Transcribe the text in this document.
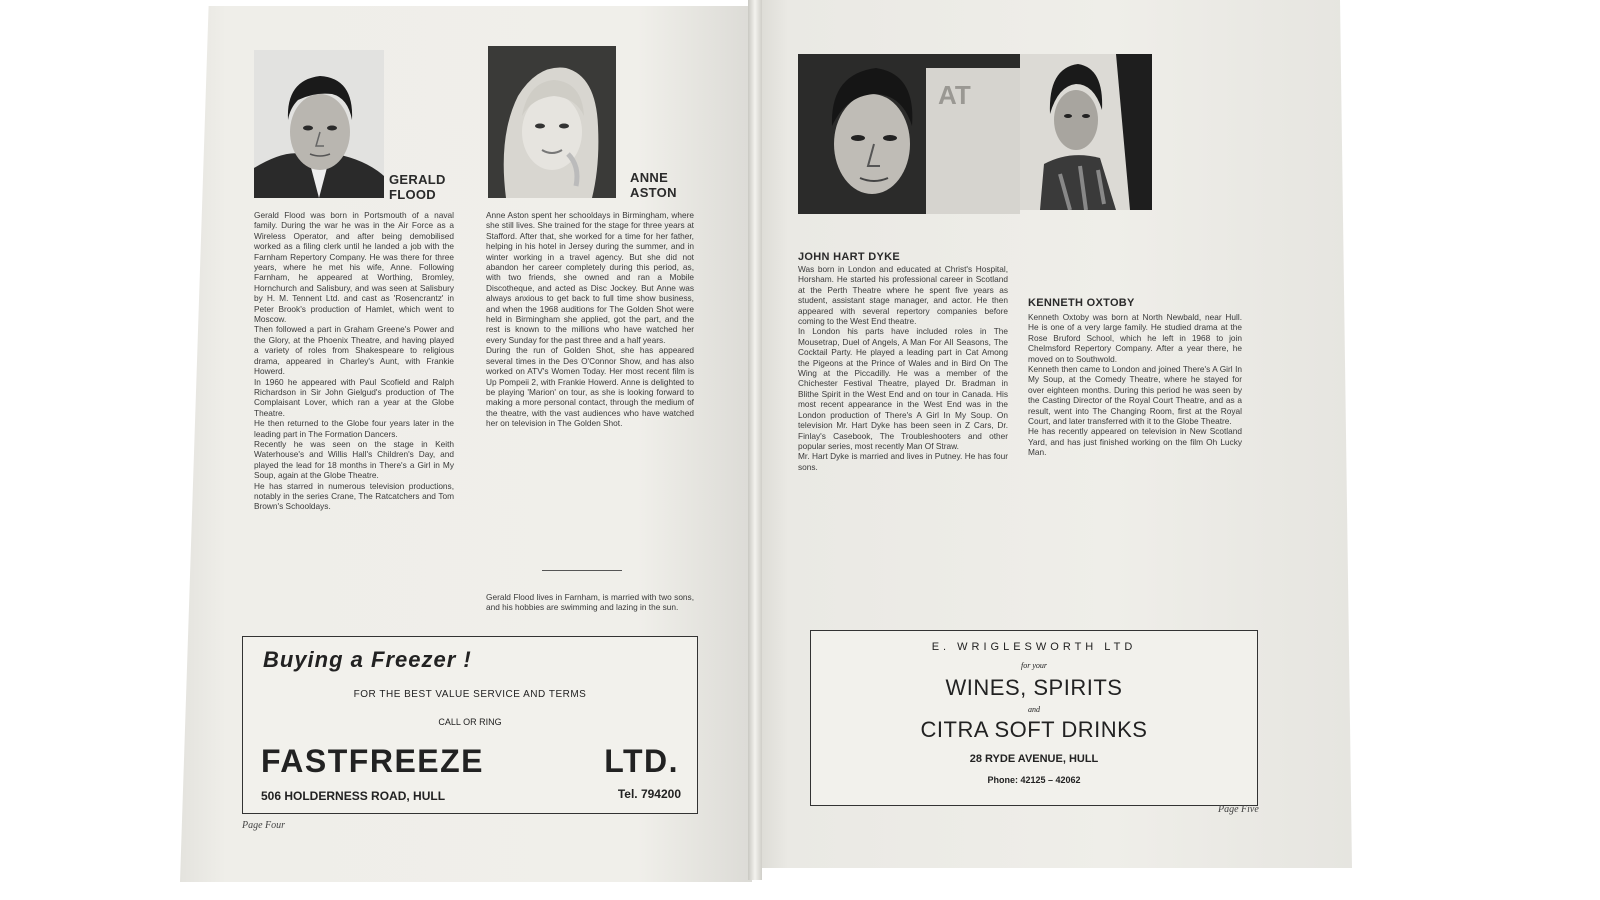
GERALD
FLOOD

Gerald Flood was born in Portsmouth of a naval family. During the war he was in the Air Force as a Wireless Operator, and after being demobilised worked as a filing clerk until he landed a job with the Farnham Repertory Company. He was there for three years, where he met his wife, Anne. Following Farnham, he appeared at Worthing, Bromley, Hornchurch and Salisbury, and was seen at Salisbury by H. M. Tennent Ltd. and cast as 'Rosencrantz' in Peter Brook's production of Hamlet, which went to Moscow.

Then followed a part in Graham Greene's Power and the Glory, at the Phoenix Theatre, and having played a variety of roles from Shakespeare to religious drama, appeared in Charley's Aunt, with Frankie Howerd.

In 1960 he appeared with Paul Scofield and Ralph Richardson in Sir John Gielgud's production of The Complaisant Lover, which ran a year at the Globe Theatre.

He then returned to the Globe four years later in the leading part in The Formation Dancers.

Recently he was seen on the stage in Keith Waterhouse's and Willis Hall's Children's Day, and played the lead for 18 months in There's a Girl in My Soup, again at the Globe Theatre.

He has starred in numerous television productions, notably in the series Crane, The Ratcatchers and Tom Brown's Schooldays.

ANNE
ASTON

Anne Aston spent her schooldays in Birmingham, where she still lives. She trained for the stage for three years at Stafford. After that, she worked for a time for her father, helping in his hotel in Jersey during the summer, and in winter working in a travel agency. But she did not abandon her career completely during this period, as, with two friends, she owned and ran a Mobile Discotheque, and acted as Disc Jockey. But Anne was always anxious to get back to full time show business, and when the 1968 auditions for The Golden Shot were held in Birmingham she applied, got the part, and the rest is known to the millions who have watched her every Sunday for the past three and a half years.

During the run of Golden Shot, she has appeared several times in the Des O'Connor Show, and has also worked on ATV's Women Today. Her most recent film is Up Pompeii 2, with Frankie Howerd. Anne is delighted to be playing 'Marion' on tour, as she is looking forward to making a more personal contact, through the medium of the theatre, with the vast audiences who have watched her on television in The Golden Shot.

Gerald Flood lives in Farnham, is married with two sons, and his hobbies are swimming and lazing in the sun.
Buying a Freezer !
FOR THE BEST VALUE SERVICE AND TERMS
CALL OR RING
FASTFREEZE	LTD.
506 HOLDERNESS ROAD, HULL	Tel. 794200
Page Four
AT
JOHN HART DYKE

Was born in London and educated at Christ's Hospital, Horsham. He started his professional career in Scotland at the Perth Theatre where he spent five years as student, assistant stage manager, and actor. He then appeared with several repertory companies before coming to the West End theatre.

In London his parts have included roles in The Mousetrap, Duel of Angels, A Man For All Seasons, The Cocktail Party. He played a leading part in Cat Among the Pigeons at the Prince of Wales and in Bird On The Wing at the Piccadilly. He was a member of the Chichester Festival Theatre, played Dr. Bradman in Blithe Spirit in the West End and on tour in Canada. His most recent appearance in the West End was in the London production of There's A Girl In My Soup. On television Mr. Hart Dyke has been seen in Z Cars, Dr. Finlay's Casebook, The Troubleshooters and other popular series, most recently Man Of Straw.

Mr. Hart Dyke is married and lives in Putney. He has four sons.

KENNETH OXTOBY

Kenneth Oxtoby was born at North Newbald, near Hull. He is one of a very large family. He studied drama at the Rose Bruford School, which he left in 1968 to join Chelmsford Repertory Company. After a year there, he moved on to Southwold.

Kenneth then came to London and joined There's A Girl In My Soup, at the Comedy Theatre, where he stayed for over eighteen months. During this period he was seen by the Casting Director of the Royal Court Theatre, and as a result, went into The Changing Room, first at the Royal Court, and later transferred with it to the Globe Theatre.

He has recently appeared on television in New Scotland Yard, and has just finished working on the film Oh Lucky Man.

E. WRIGLESWORTH LTD
for your
WINES, SPIRITS
and
CITRA SOFT DRINKS
28 RYDE AVENUE, HULL
Phone: 42125 – 42062
Page Five
